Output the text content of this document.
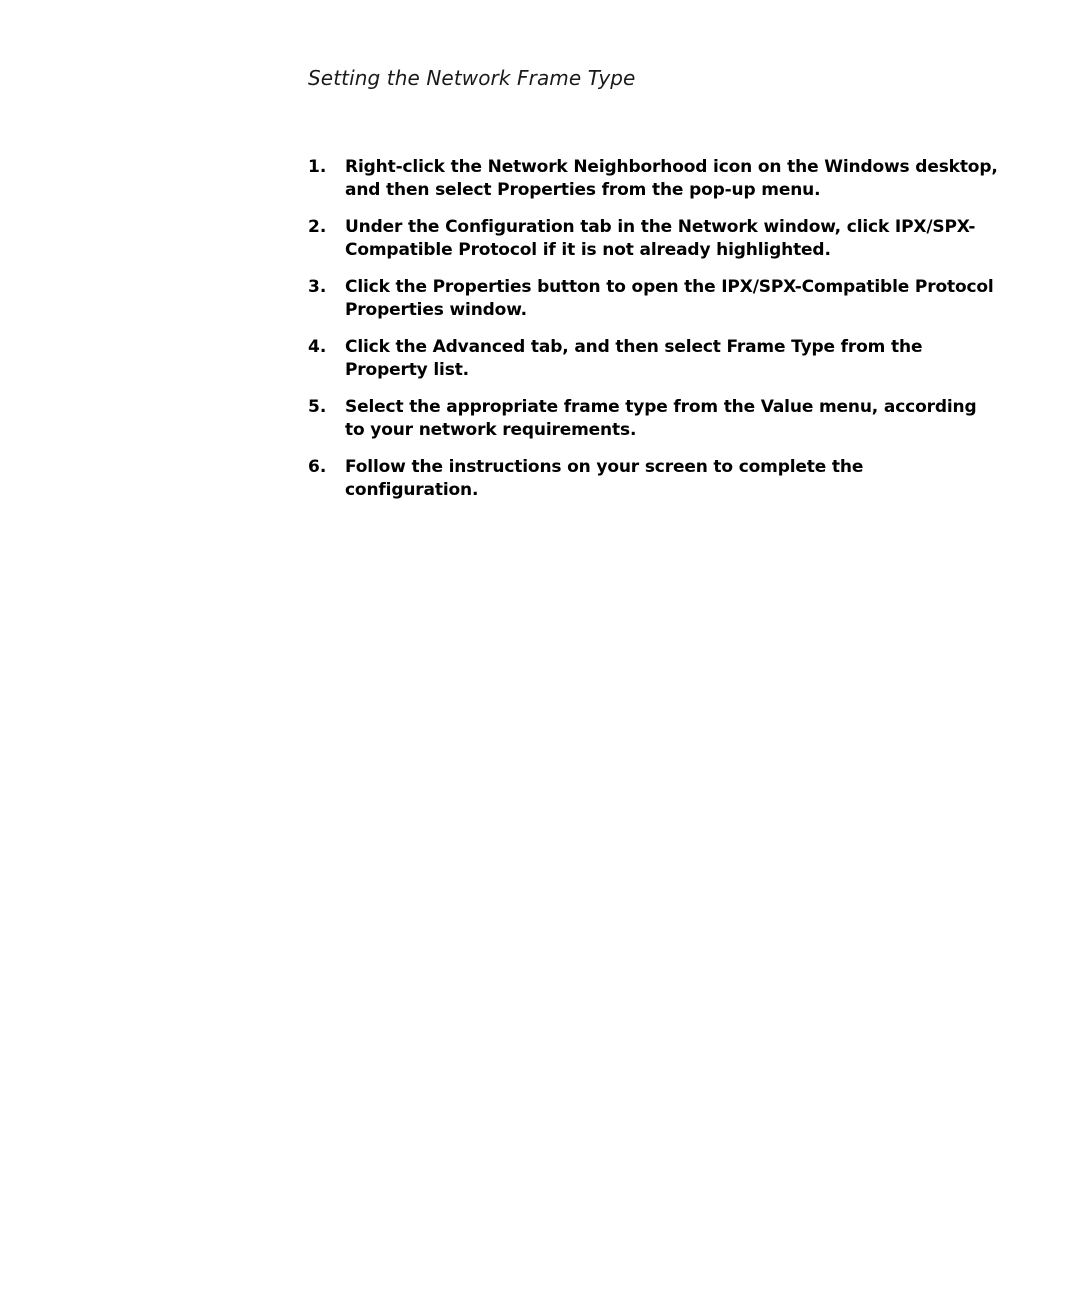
Setting the Network Frame Type
1.	Right-click the Network Neighborhood icon on the Windows desktop, and then select Properties from the pop-up menu.
2.	Under the Configuration tab in the Network window, click IPX/SPX-Compatible Protocol if it is not already highlighted.
3.	Click the Properties button to open the IPX/SPX-Compatible Protocol Properties window.
4.	Click the Advanced tab, and then select Frame Type from the Property list.
5.	Select the appropriate frame type from the Value menu, according to your network requirements.
6.	Follow the instructions on your screen to complete the configuration.
